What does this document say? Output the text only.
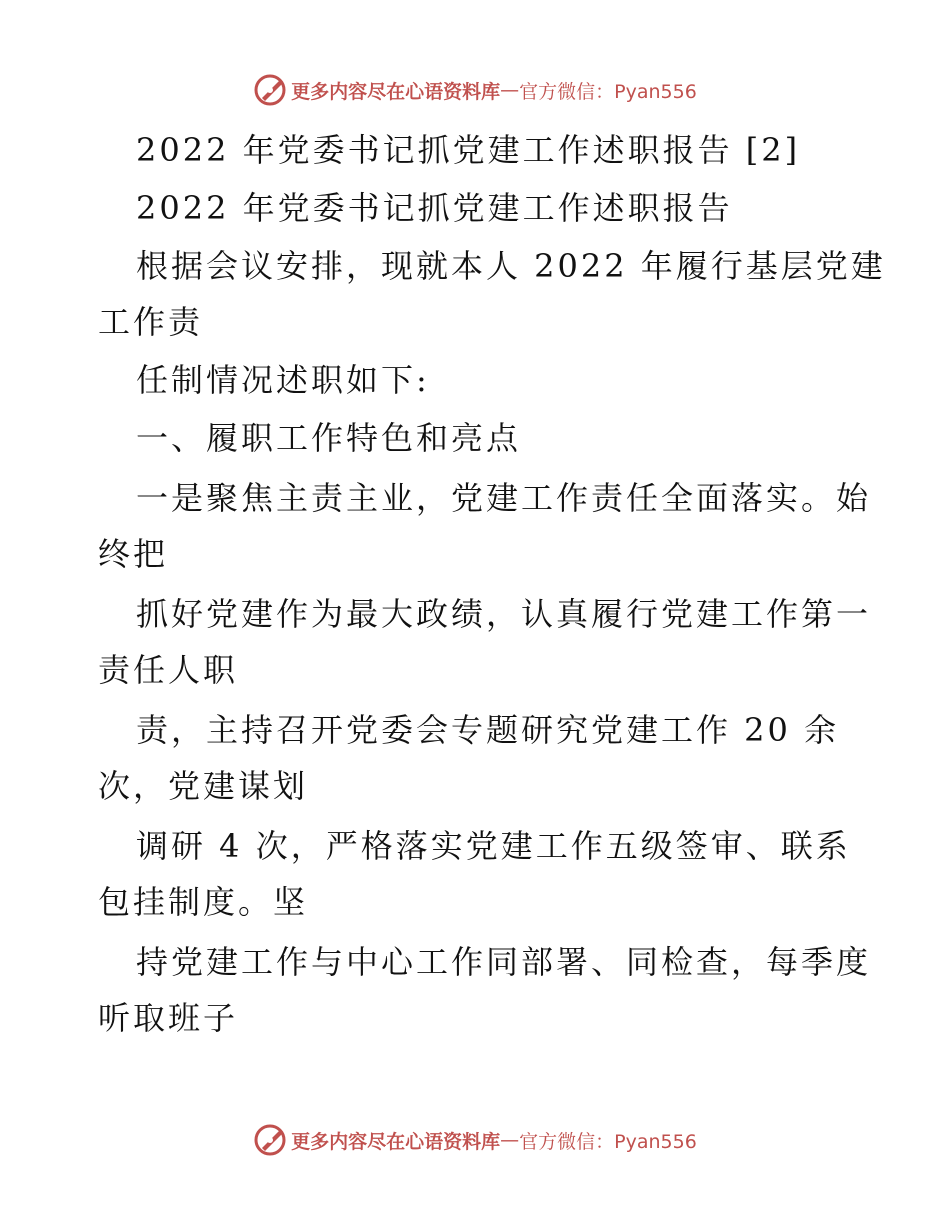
更多内容尽在心语资料库 — 官方微信：Pyan556
2022 年党委书记抓党建工作述职报告 [2]
2022 年党委书记抓党建工作述职报告
根据会议安排，现就本人 2022 年履行基层党建
工作责
任制情况述职如下:
一、履职工作特色和亮点
一是聚焦主责主业，党建工作责任全面落实。始
终把
抓好党建作为最大政绩，认真履行党建工作第一
责任人职
责，主持召开党委会专题研究党建工作 20 余
次，党建谋划
调研 4 次，严格落实党建工作五级签审、联系
包挂制度。坚
持党建工作与中心工作同部署、同检查，每季度
听取班子
更多内容尽在心语资料库 — 官方微信：Pyan556
